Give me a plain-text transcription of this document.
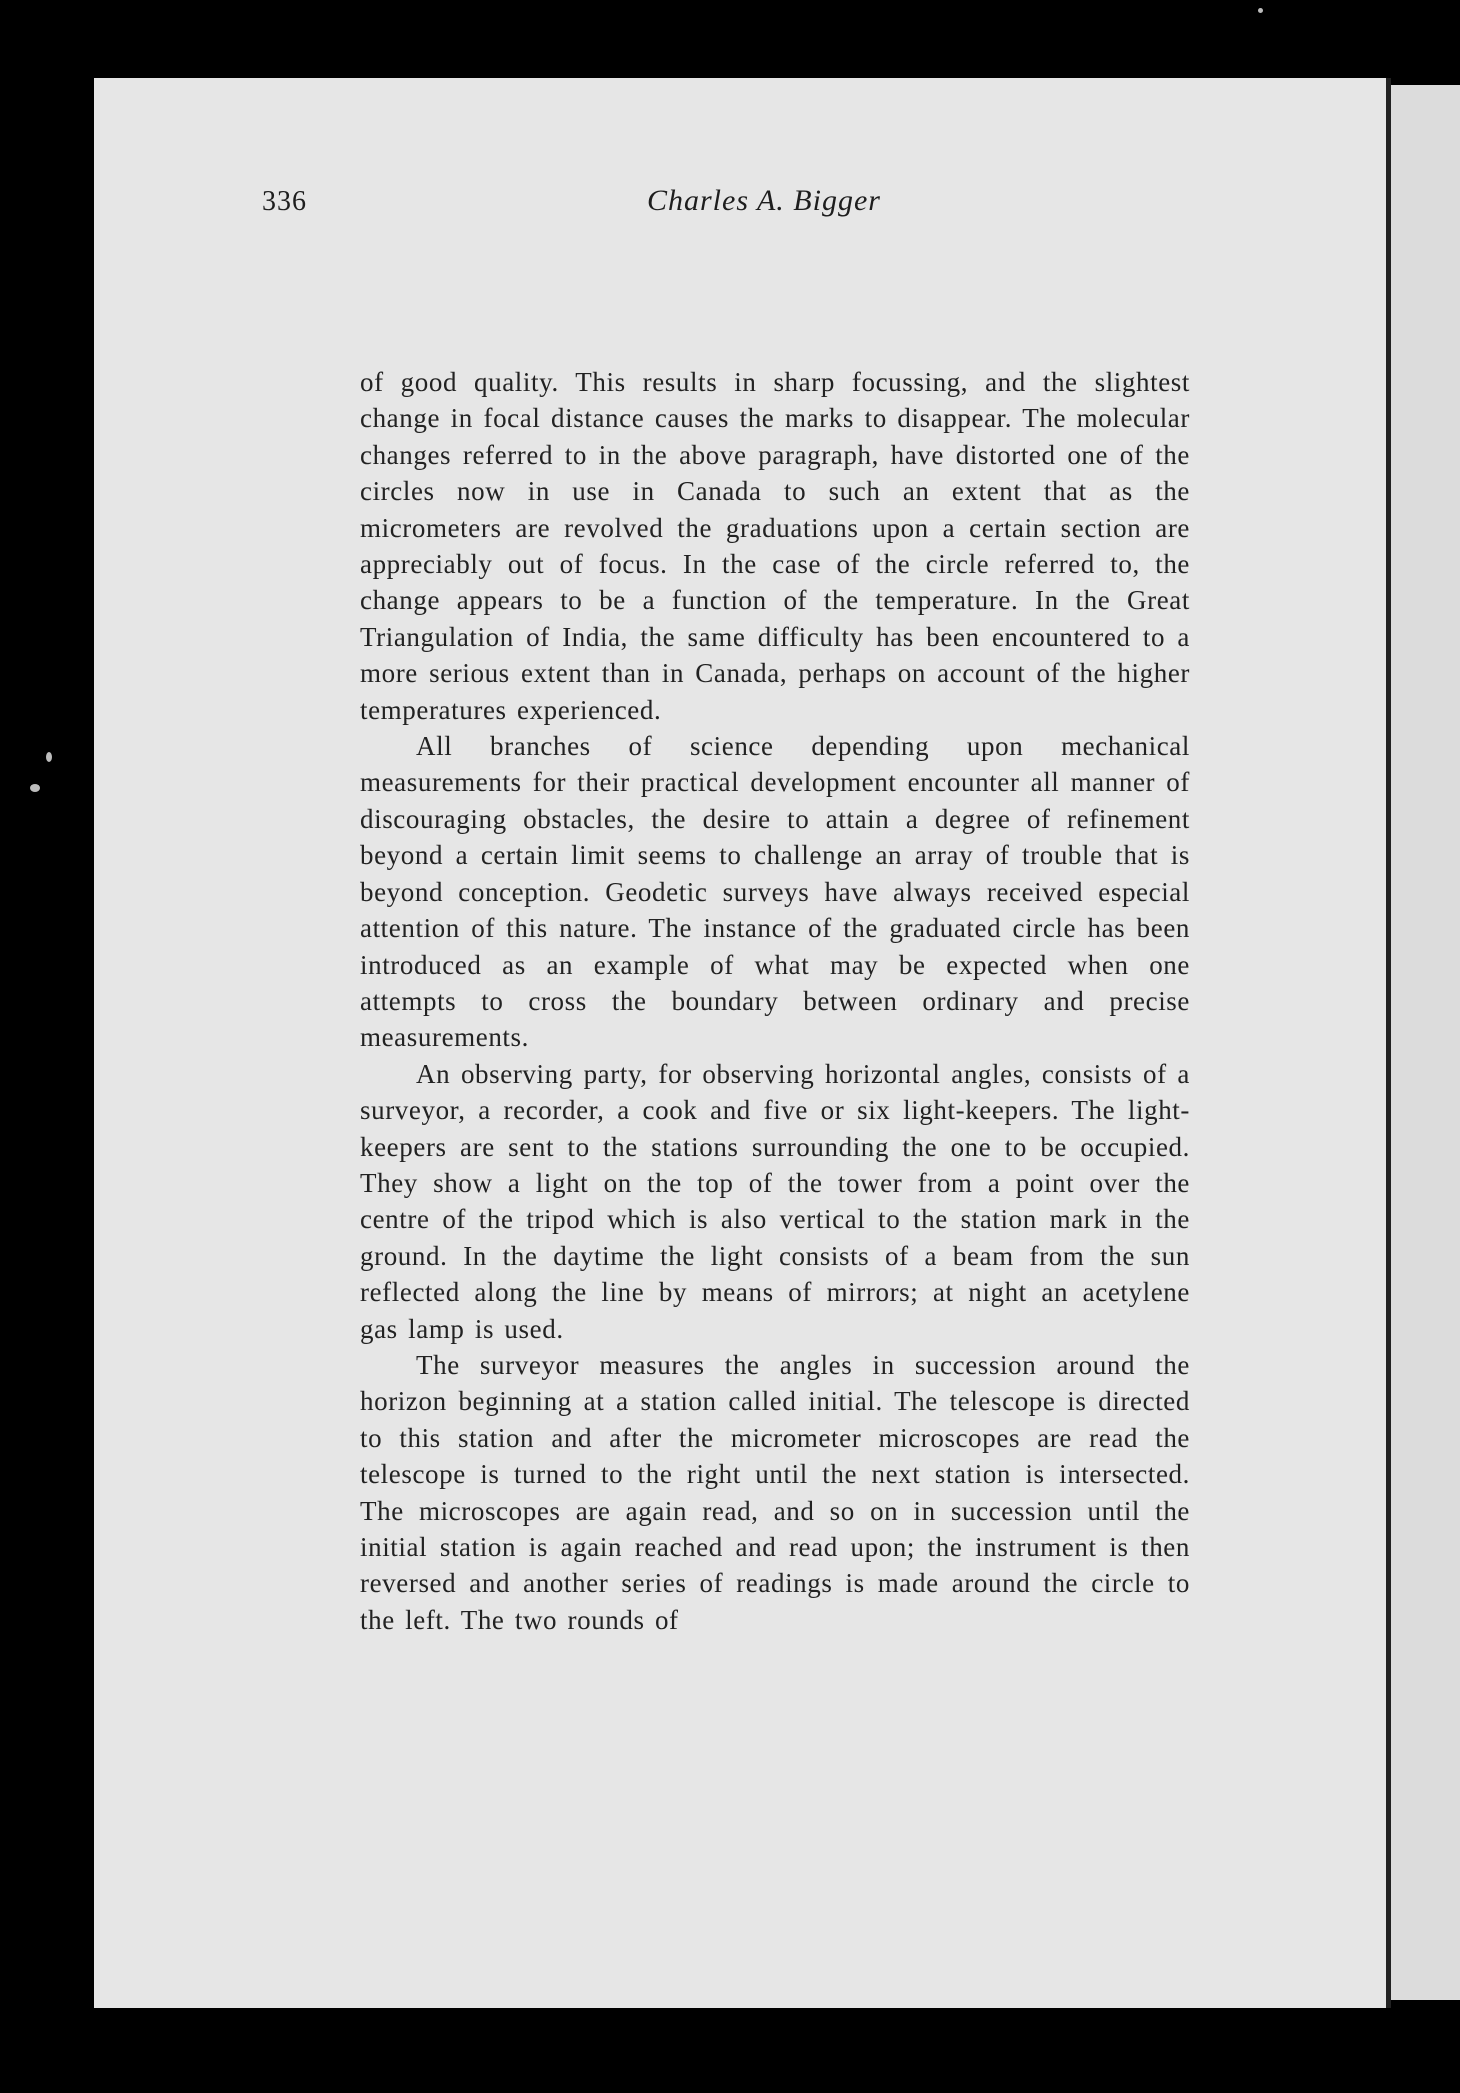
336	Charles A. Bigger

of good quality. This results in sharp focussing, and the slightest change in focal distance causes the marks to disappear. The molecular changes referred to in the above paragraph, have distorted one of the circles now in use in Canada to such an extent that as the micrometers are revolved the graduations upon a certain section are appreciably out of focus. In the case of the circle referred to, the change appears to be a function of the temperature. In the Great Triangulation of India, the same difficulty has been encountered to a more serious extent than in Canada, perhaps on account of the higher temperatures experienced.

All branches of science depending upon mechanical measurements for their practical development encounter all manner of discouraging obstacles, the desire to attain a degree of refinement beyond a certain limit seems to challenge an array of trouble that is beyond conception. Geodetic surveys have always received especial attention of this nature. The instance of the graduated circle has been introduced as an example of what may be expected when one attempts to cross the boundary between ordinary and precise measurements.

An observing party, for observing horizontal angles, consists of a surveyor, a recorder, a cook and five or six light-keepers. The light-keepers are sent to the stations surrounding the one to be occupied. They show a light on the top of the tower from a point over the centre of the tripod which is also vertical to the station mark in the ground. In the daytime the light consists of a beam from the sun reflected along the line by means of mirrors; at night an acetylene gas lamp is used.

The surveyor measures the angles in succession around the horizon beginning at a station called initial. The telescope is directed to this station and after the micrometer microscopes are read the telescope is turned to the right until the next station is intersected. The microscopes are again read, and so on in succession until the initial station is again reached and read upon; the instrument is then reversed and another series of readings is made around the circle to the left. The two rounds of
